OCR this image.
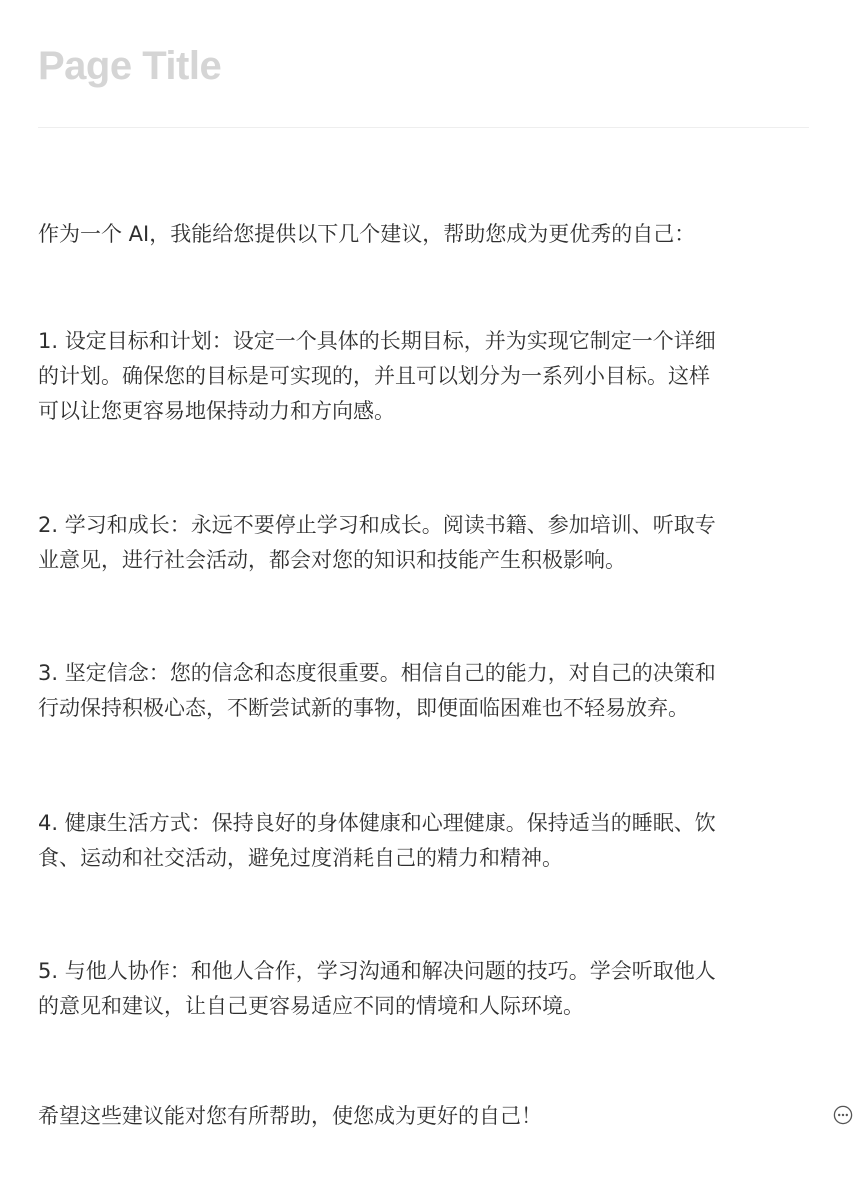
Page Title

作为一个 AI，我能给您提供以下几个建议，帮助您成为更优秀的自己：

1. 设定目标和计划：设定一个具体的长期目标，并为实现它制定一个详细
的计划。确保您的目标是可实现的，并且可以划分为一系列小目标。这样
可以让您更容易地保持动力和方向感。

2. 学习和成长：永远不要停止学习和成长。阅读书籍、参加培训、听取专
业意见，进行社会活动，都会对您的知识和技能产生积极影响。

3. 坚定信念：您的信念和态度很重要。相信自己的能力，对自己的决策和
行动保持积极心态，不断尝试新的事物，即便面临困难也不轻易放弃。

4. 健康生活方式：保持良好的身体健康和心理健康。保持适当的睡眠、饮
食、运动和社交活动，避免过度消耗自己的精力和精神。

5. 与他人协作：和他人合作，学习沟通和解决问题的技巧。学会听取他人
的意见和建议，让自己更容易适应不同的情境和人际环境。

希望这些建议能对您有所帮助，使您成为更好的自己！
